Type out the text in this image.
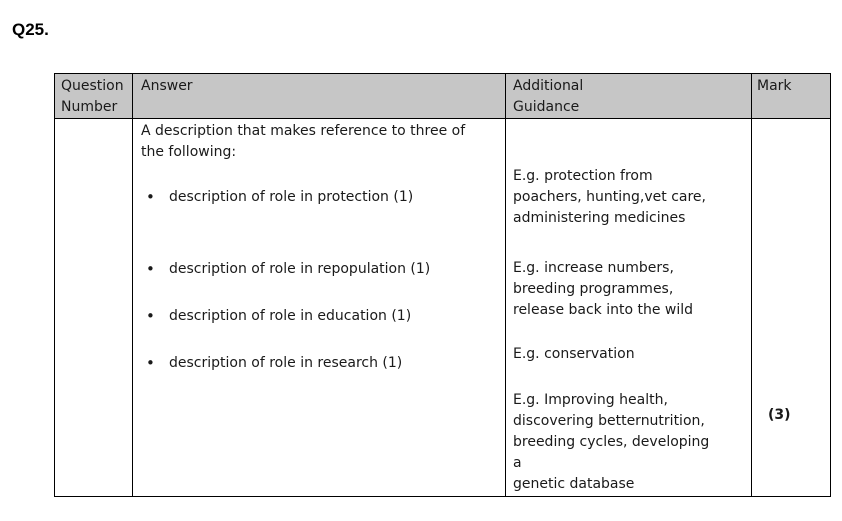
Q25.
Question
Number
Answer	Additional
Guidance
Mark
A description that makes reference to three of
the following:
• description of role in protection (1)
• description of role in repopulation (1)
• description of role in education (1)
• description of role in research (1)
E.g. protection from
poachers, hunting,vet care,
administering medicines
E.g. increase numbers,
breeding programmes,
release back into the wild
E.g. conservation
E.g. Improving health,
discovering betternutrition,
breeding cycles, developing
a
genetic database
(3)
